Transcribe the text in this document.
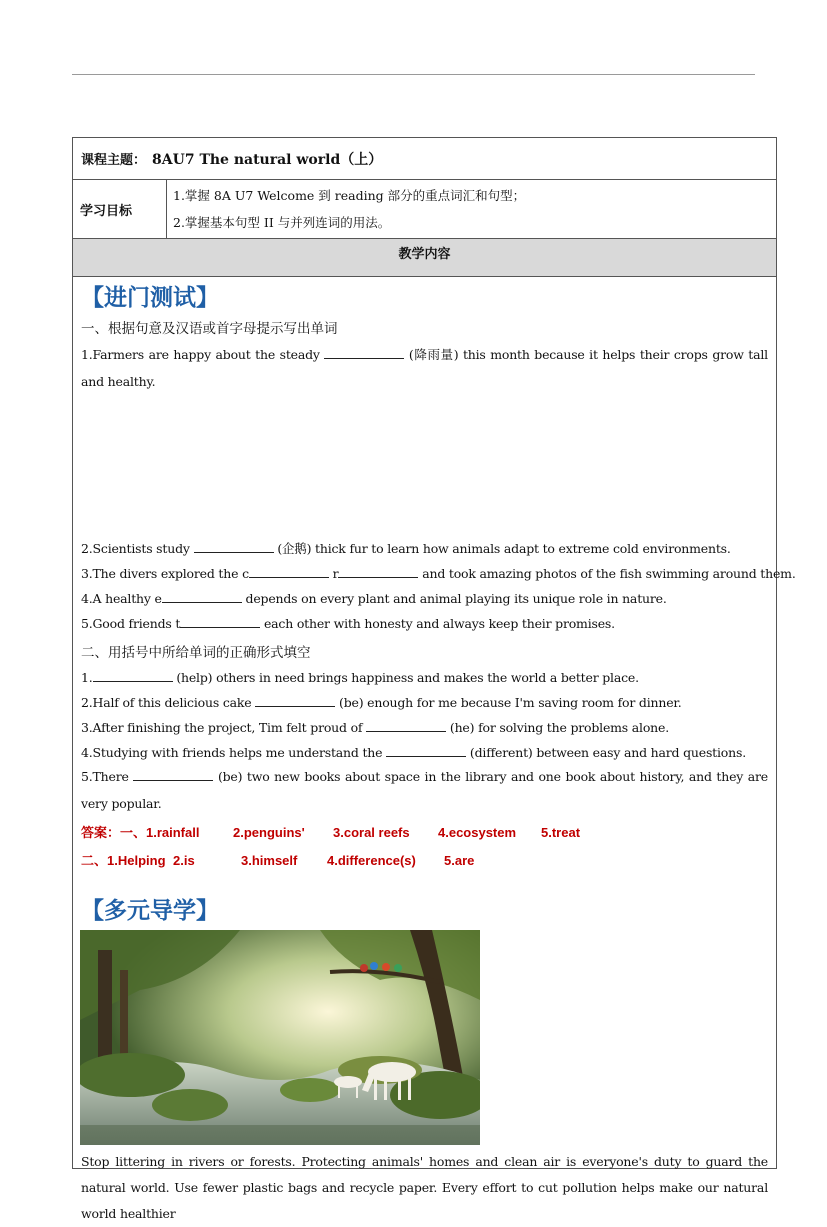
课程主题： 8AU7 The natural world（上）
学习目标
1.掌握 8A U7 Welcome 到 reading 部分的重点词汇和句型；
2.掌握基本句型 II 与并列连词的用法。
教学内容
【进门测试】
一、根据句意及汉语或首字母提示写出单词
1.Farmers are happy about the steady	(降雨量) this month because it helps their crops grow tall and healthy.
2.Scientists study	(企鹅) thick fur to learn how animals adapt to extreme cold environments.
3.The divers explored the c	r	and took amazing photos of the fish swimming around them.
4.A healthy e	depends on every plant and animal playing its unique role in nature.
5.Good friends t	each other with honesty and always keep their promises.
二、用括号中所给单词的正确形式填空
1.	(help) others in need brings happiness and makes the world a better place.
2.Half of this delicious cake	(be) enough for me because I'm saving room for dinner.
3.After finishing the project, Tim felt proud of	(he) for solving the problems alone.
4.Studying with friends helps me understand the	(different) between easy and hard questions.
5.There	(be) two new books about space in the library and one book about history, and they are very popular.
答案：一、1.rainfall	2.penguins' 3.coral reefs 4.ecosystem 5.treat
二、1.Helping 2.is	3.himself 4.difference(s) 5.are
【多元导学】
Stop littering in rivers or forests. Protecting animals' homes and clean air is everyone's duty to guard the natural world. Use fewer plastic bags and recycle paper. Every effort to cut pollution helps make our natural world healthier
